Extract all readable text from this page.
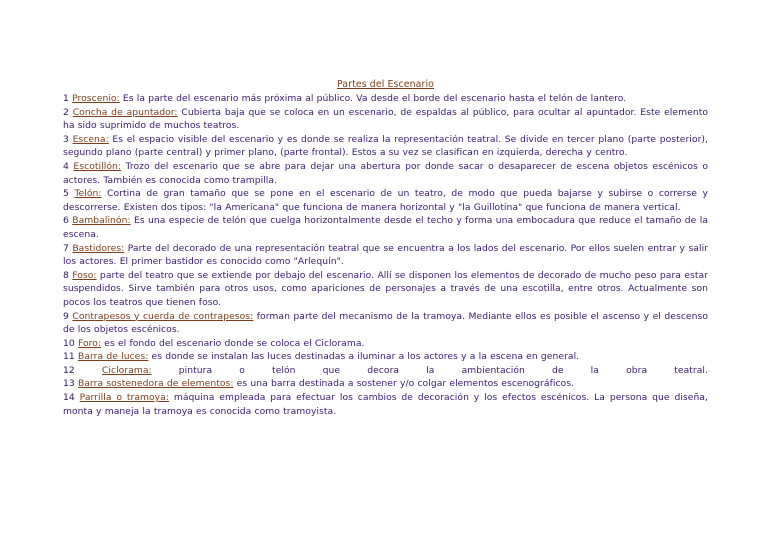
Partes del Escenario
1 Proscenio: Es la parte del escenario más próxima al público. Va desde el borde del escenario hasta el telón de lantero.
2 Concha de apuntador: Cubierta baja que se coloca en un escenario, de espaldas al público, para ocultar al apuntador. Este elemento ha sido suprimido de muchos teatros.
3 Escena: Es el espacio visible del escenario y es donde se realiza la representación teatral. Se divide en tercer plano (parte posterior), segundo plano (parte central) y primer plano, (parte frontal). Estos a su vez se clasifican en izquierda, derecha y centro.
4 Escotillón: Trozo del escenario que se abre para dejar una abertura por donde sacar o desaparecer de escena objetos escénicos o actores. También es conocida como trampilla.
5 Telón: Cortina de gran tamaño que se pone en el escenario de un teatro, de modo que pueda bajarse y subirse o correrse y descorrerse. Existen dos tipos: "la Americana" que funciona de manera horizontal y "la Guillotina" que funciona de manera vertical.
6 Bambalinón: Es una especie de telón que cuelga horizontalmente desde el techo y forma una embocadura que reduce el tamaño de la escena.
7 Bastidores: Parte del decorado de una representación teatral que se encuentra a los lados del escenario. Por ellos suelen entrar y salir los actores. El primer bastidor es conocido como "Arlequín".
8 Foso: parte del teatro que se extiende por debajo del escenario. Allí se disponen los elementos de decorado de mucho peso para estar suspendidos. Sirve también para otros usos, como apariciones de personajes a través de una escotilla, entre otros. Actualmente son pocos los teatros que tienen foso.
9 Contrapesos y cuerda de contrapesos: forman parte del mecanismo de la tramoya. Mediante ellos es posible el ascenso y el descenso de los objetos escénicos.
10 Foro: es el fondo del escenario donde se coloca el Ciclorama.
11 Barra de luces: es donde se instalan las luces destinadas a iluminar a los actores y a la escena en general.
12	Ciclorama: pintura o telón que decora la ambientación de la obra teatral.
13 Barra sostenedora de elementos: es una barra destinada a sostener y/o colgar elementos escenográficos.
14 Parrilla o tramoya: máquina empleada para efectuar los cambios de decoración y los efectos escénicos. La persona que diseña, monta y maneja la tramoya es conocida como tramoyista.
